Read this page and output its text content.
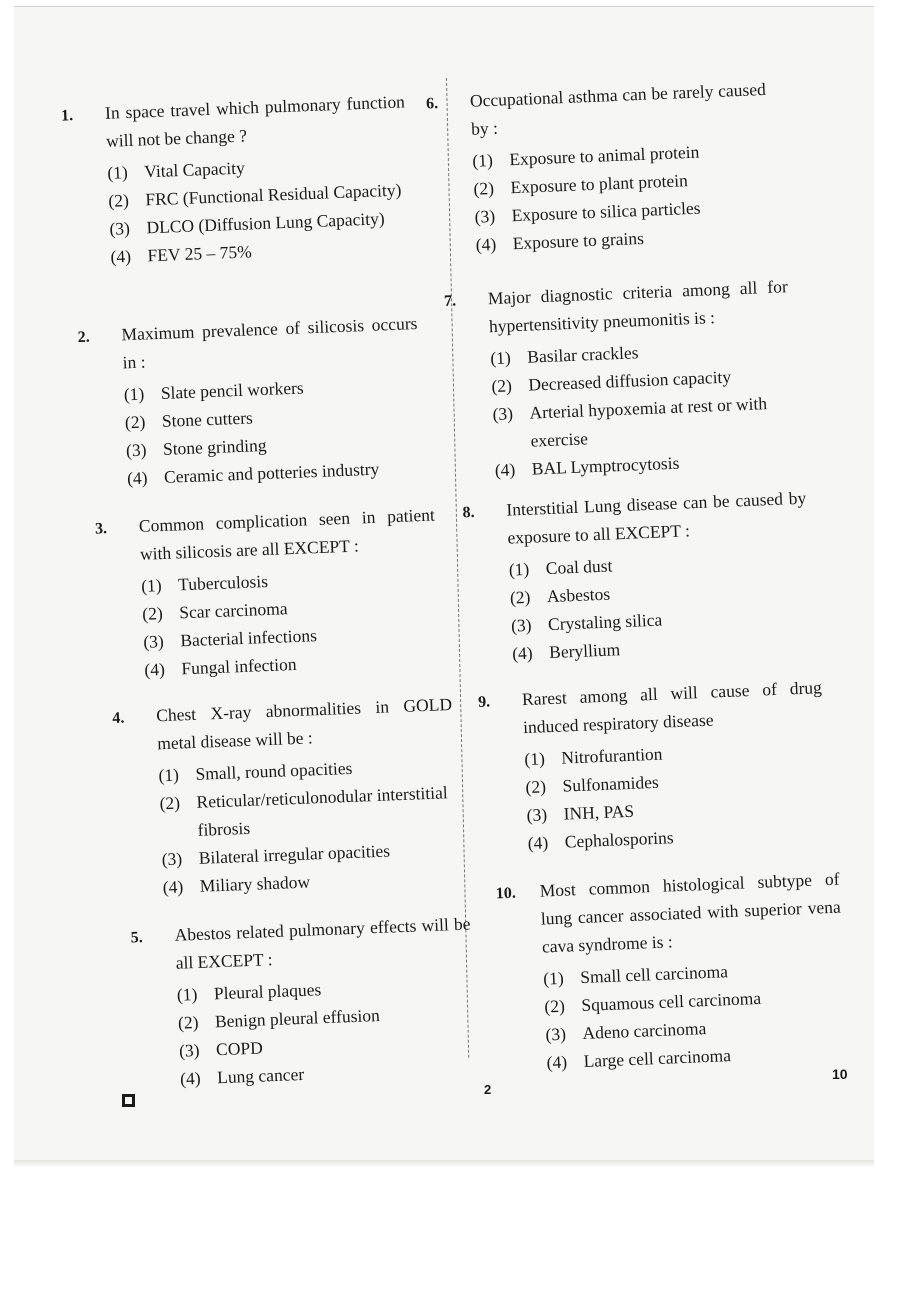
1. In space travel which pulmonary function will not be change ?
(1) Vital Capacity
(2) FRC (Functional Residual Capacity)
(3) DLCO (Diffusion Lung Capacity)
(4) FEV 25 – 75%
2. Maximum prevalence of silicosis occurs in :
(1) Slate pencil workers
(2) Stone cutters
(3) Stone grinding
(4) Ceramic and potteries industry
3. Common complication seen in patient with silicosis are all EXCEPT :
(1) Tuberculosis
(2) Scar carcinoma
(3) Bacterial infections
(4) Fungal infection
4. Chest X-ray abnormalities in GOLD metal disease will be :
(1) Small, round opacities
(2) Reticular/reticulonodular interstitial fibrosis
(3) Bilateral irregular opacities
(4) Miliary shadow
5. Abestos related pulmonary effects will be all EXCEPT :
(1) Pleural plaques
(2) Benign pleural effusion
(3) COPD
(4) Lung cancer
6. Occupational asthma can be rarely caused by :
(1) Exposure to animal protein
(2) Exposure to plant protein
(3) Exposure to silica particles
(4) Exposure to grains
7. Major diagnostic criteria among all for hypertensitivity pneumonitis is :
(1) Basilar crackles
(2) Decreased diffusion capacity
(3) Arterial hypoxemia at rest or with exercise
(4) BAL Lymptrocytosis
8. Interstitial Lung disease can be caused by exposure to all EXCEPT :
(1) Coal dust
(2) Asbestos
(3) Crystaling silica
(4) Beryllium
9. Rarest among all will cause of drug induced respiratory disease
(1) Nitrofurantion
(2) Sulfonamides
(3) INH, PAS
(4) Cephalosporins
10. Most common histological subtype of lung cancer associated with superior vena cava syndrome is :
(1) Small cell carcinoma
(2) Squamous cell carcinoma
(3) Adeno carcinoma
(4) Large cell carcinoma
2
10
